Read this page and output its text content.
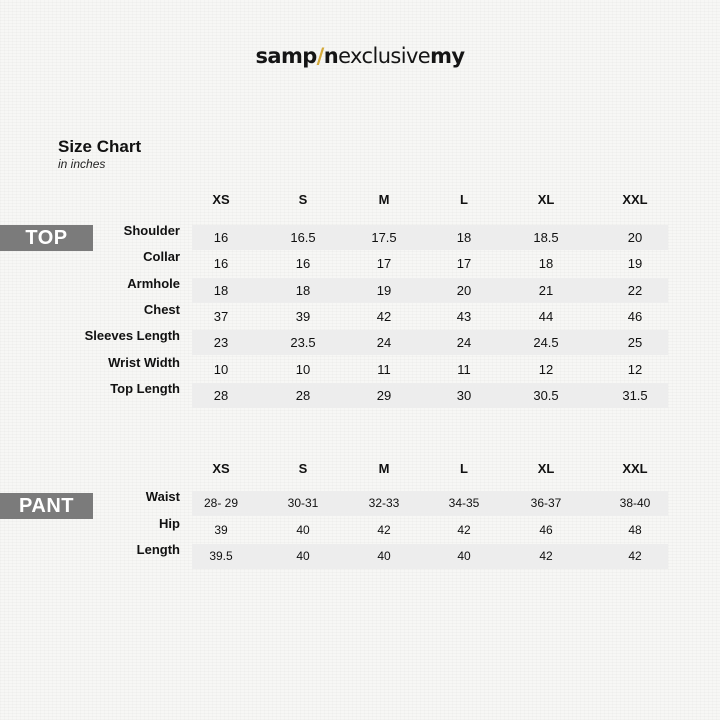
samp/nexclusivemy
Size Chart
in inches
TOP
XS	S	M	L	XL	XXL
Shoulder	16	16.5	17.5	18	18.5	20
Collar	16	16	17	17	18	19
Armhole	18	18	19	20	21	22
Chest	37	39	42	43	44	46
Sleeves Length	23	23.5	24	24	24.5	25
Wrist Width	10	10	11	11	12	12
Top Length	28	28	29	30	30.5	31.5
PANT
XS	S	M	L	XL	XXL
Waist	28- 29	30-31	32-33	34-35	36-37	38-40
Hip	39	40	42	42	46	48
Length	39.5	40	40	40	42	42
